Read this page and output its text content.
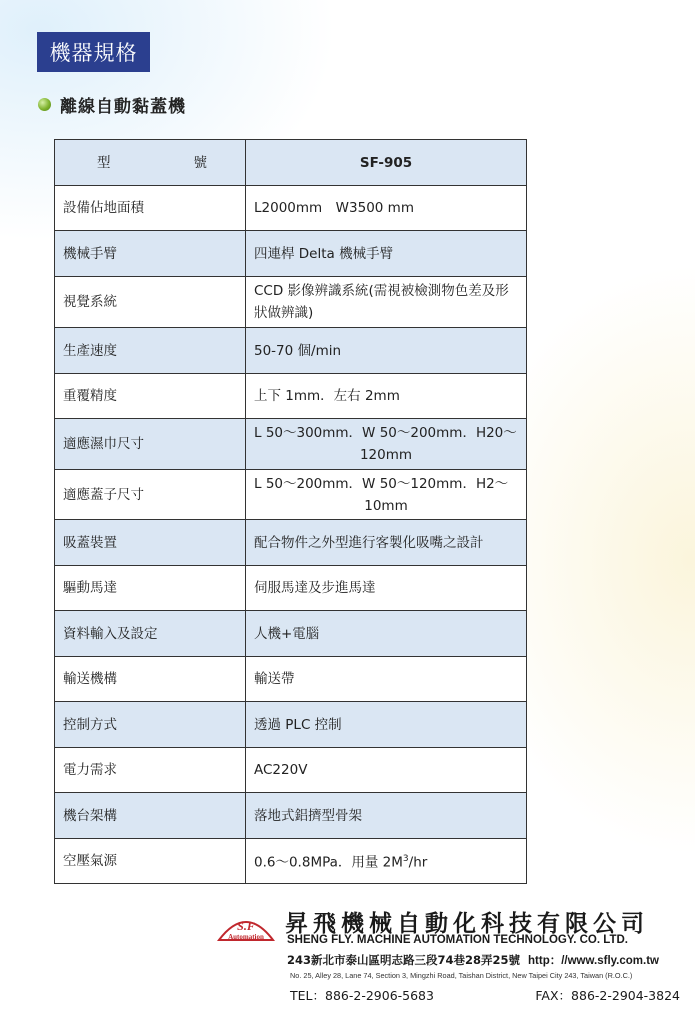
機器規格
離線自動黏蓋機
型 號	SF-905
設備佔地面積	L2000mm　W3500 mm
機械手臂	四連桿 Delta 機械手臂
視覺系統	CCD 影像辨識系統(需視被檢測物色差及形
狀做辨識)

生產速度	50-70 個/min
重覆精度	上下 1mm．左右 2mm
適應濕巾尺寸	L 50～300mm．W 50～200mm．H20～
120mm

適應蓋子尺寸	L 50～200mm．W 50～120mm．H2～
10mm

吸蓋裝置	配合物件之外型進行客製化吸嘴之設計
驅動馬達	伺服馬達及步進馬達
資料輸入及設定	人機+電腦
輸送機構	輸送帶
控制方式	透過 PLC 控制
電力需求	AC220V
機台架構	落地式鋁擠型骨架
空壓氣源	0.6～0.8MPa．用量 $2M^3/hr$
S.F
Automation 昇飛機械自動化科技有限公司
SHENG FLY. MACHINE AUTOMATION TECHNOLOGY. CO. LTD.
243新北市泰山區明志路三段74巷28弄25號 http：//www.sfly.com.tw
No. 25, Alley 28, Lane 74, Section 3, Mingzhi Road, Taishan District, New Taipei City 243, Taiwan (R.O.C.)
TEL：886-2-2906-5683	FAX：886-2-2904-3824
